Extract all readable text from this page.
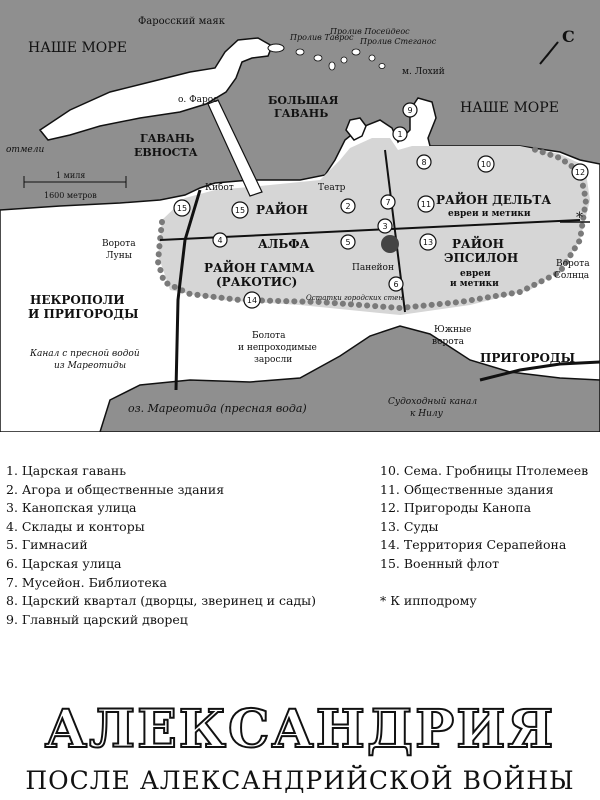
1
2
3
4	5
6
7
8
9
10
11
12
13
14
15	15
НАШЕ МОРЕ
НАШЕ МОРЕ
Фаросский маяк
Пролив Таврос
Пролив Посейдеос
Пролив Стеганос
м. Лохий
о. Фарос	БОЛЬШАЯ
ГАВАНЬ
ГАВАНЬ
ЕВНОСТА
отмели
1 миля
1600 метров
Кибот	Театр
РАЙОН
АЛЬФА
РАЙОН ДЕЛЬТА
евреи и метики
РАЙОН
ЭПСИЛОН
евреи
и метики
РАЙОН ГАММА
(РАКОТИС)
Панейон
Ворота
Луны
Ворота
Солнца
Южные
ворота
Остатки городских стен
НЕКРОПОЛИ
И ПРИГОРОДЫ
ПРИГОРОДЫ
Болота
и непроходимые
заросли
Канал с пресной водой
из Мареотиды
оз. Мареотида (пресная вода)	Судоходный канал
к Нилу
*
С
1. Царская гавань
2. Агора и общественные здания
3. Канопская улица
4. Склады и конторы
5. Гимнасий
6. Царская улица
7. Мусейон. Библиотека
8. Царский квартал (дворцы, зверинец и сады)
9. Главный царский дворец
10. Сема. Гробницы Птолемеев
11. Общественные здания
12. Пригороды Канопа
13. Суды
14. Территория Серапейона
15. Военный флот
* К ипподрому
АЛЕКСАНДРИЯ
ПОСЛЕ АЛЕКСАНДРИЙСКОЙ ВОЙНЫ
